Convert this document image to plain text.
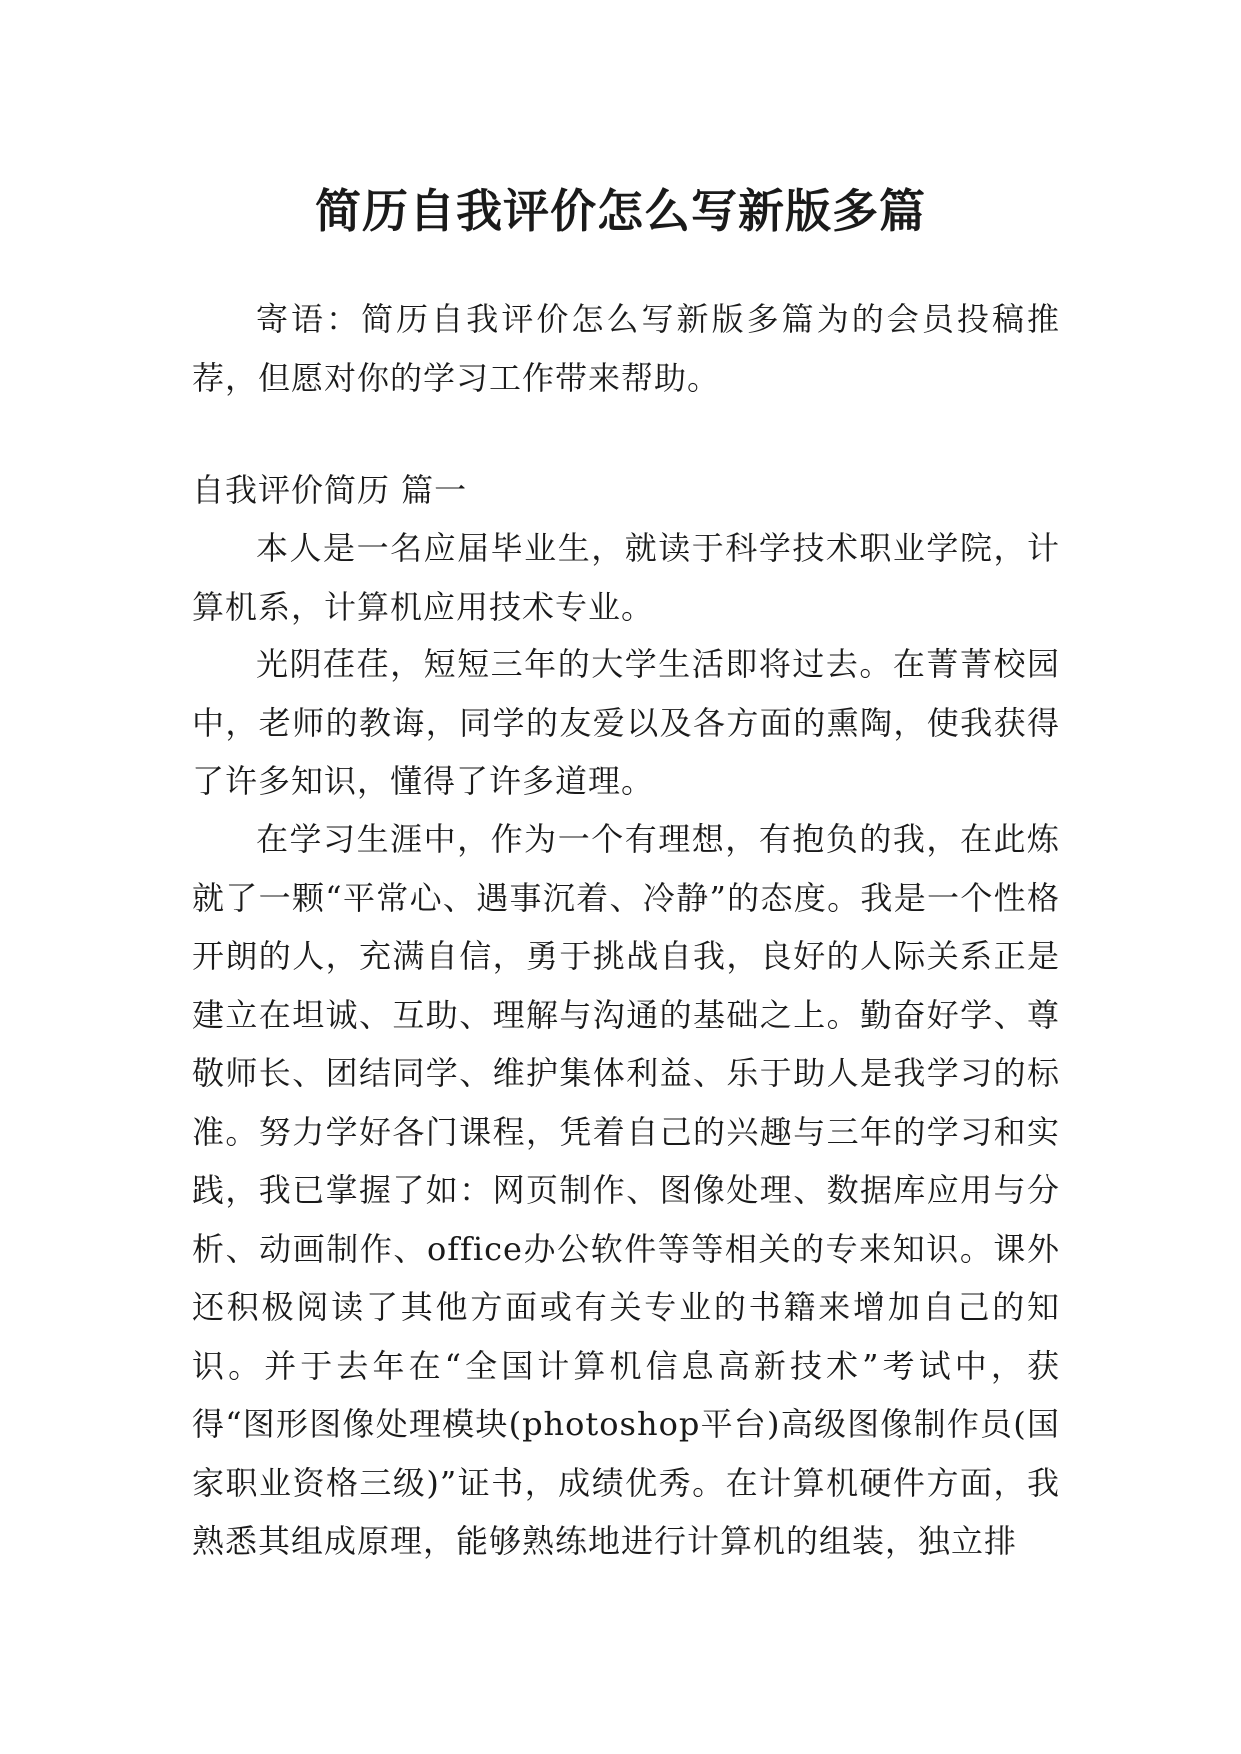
简历自我评价怎么写新版多篇

寄语：简历自我评价怎么写新版多篇为的会员投稿推荐，但愿对你的学习工作带来帮助。

自我评价简历 篇一

本人是一名应届毕业生，就读于科学技术职业学院，计算机系，计算机应用技术专业。

光阴荏荏，短短三年的大学生活即将过去。在菁菁校园中，老师的教诲，同学的友爱以及各方面的熏陶，使我获得了许多知识，懂得了许多道理。

在学习生涯中，作为一个有理想，有抱负的我，在此炼就了一颗“平常心、遇事沉着、冷静”的态度。我是一个性格开朗的人，充满自信，勇于挑战自我，良好的人际关系正是建立在坦诚、互助、理解与沟通的基础之上。勤奋好学、尊敬师长、团结同学、维护集体利益、乐于助人是我学习的标准。努力学好各门课程，凭着自己的兴趣与三年的学习和实践，我已掌握了如：网页制作、图像处理、数据库应用与分析、动画制作、office办公软件等等相关的专来知识。课外还积极阅读了其他方面或有关专业的书籍来增加自己的知识。并于去年在“全国计算机信息高新技术”考试中，获得“图形图像处理模块(photoshop平台)高级图像制作员(国家职业资格三级)”证书，成绩优秀。在计算机硬件方面，我熟悉其组成原理，能够熟练地进行计算机的组装，独立排
